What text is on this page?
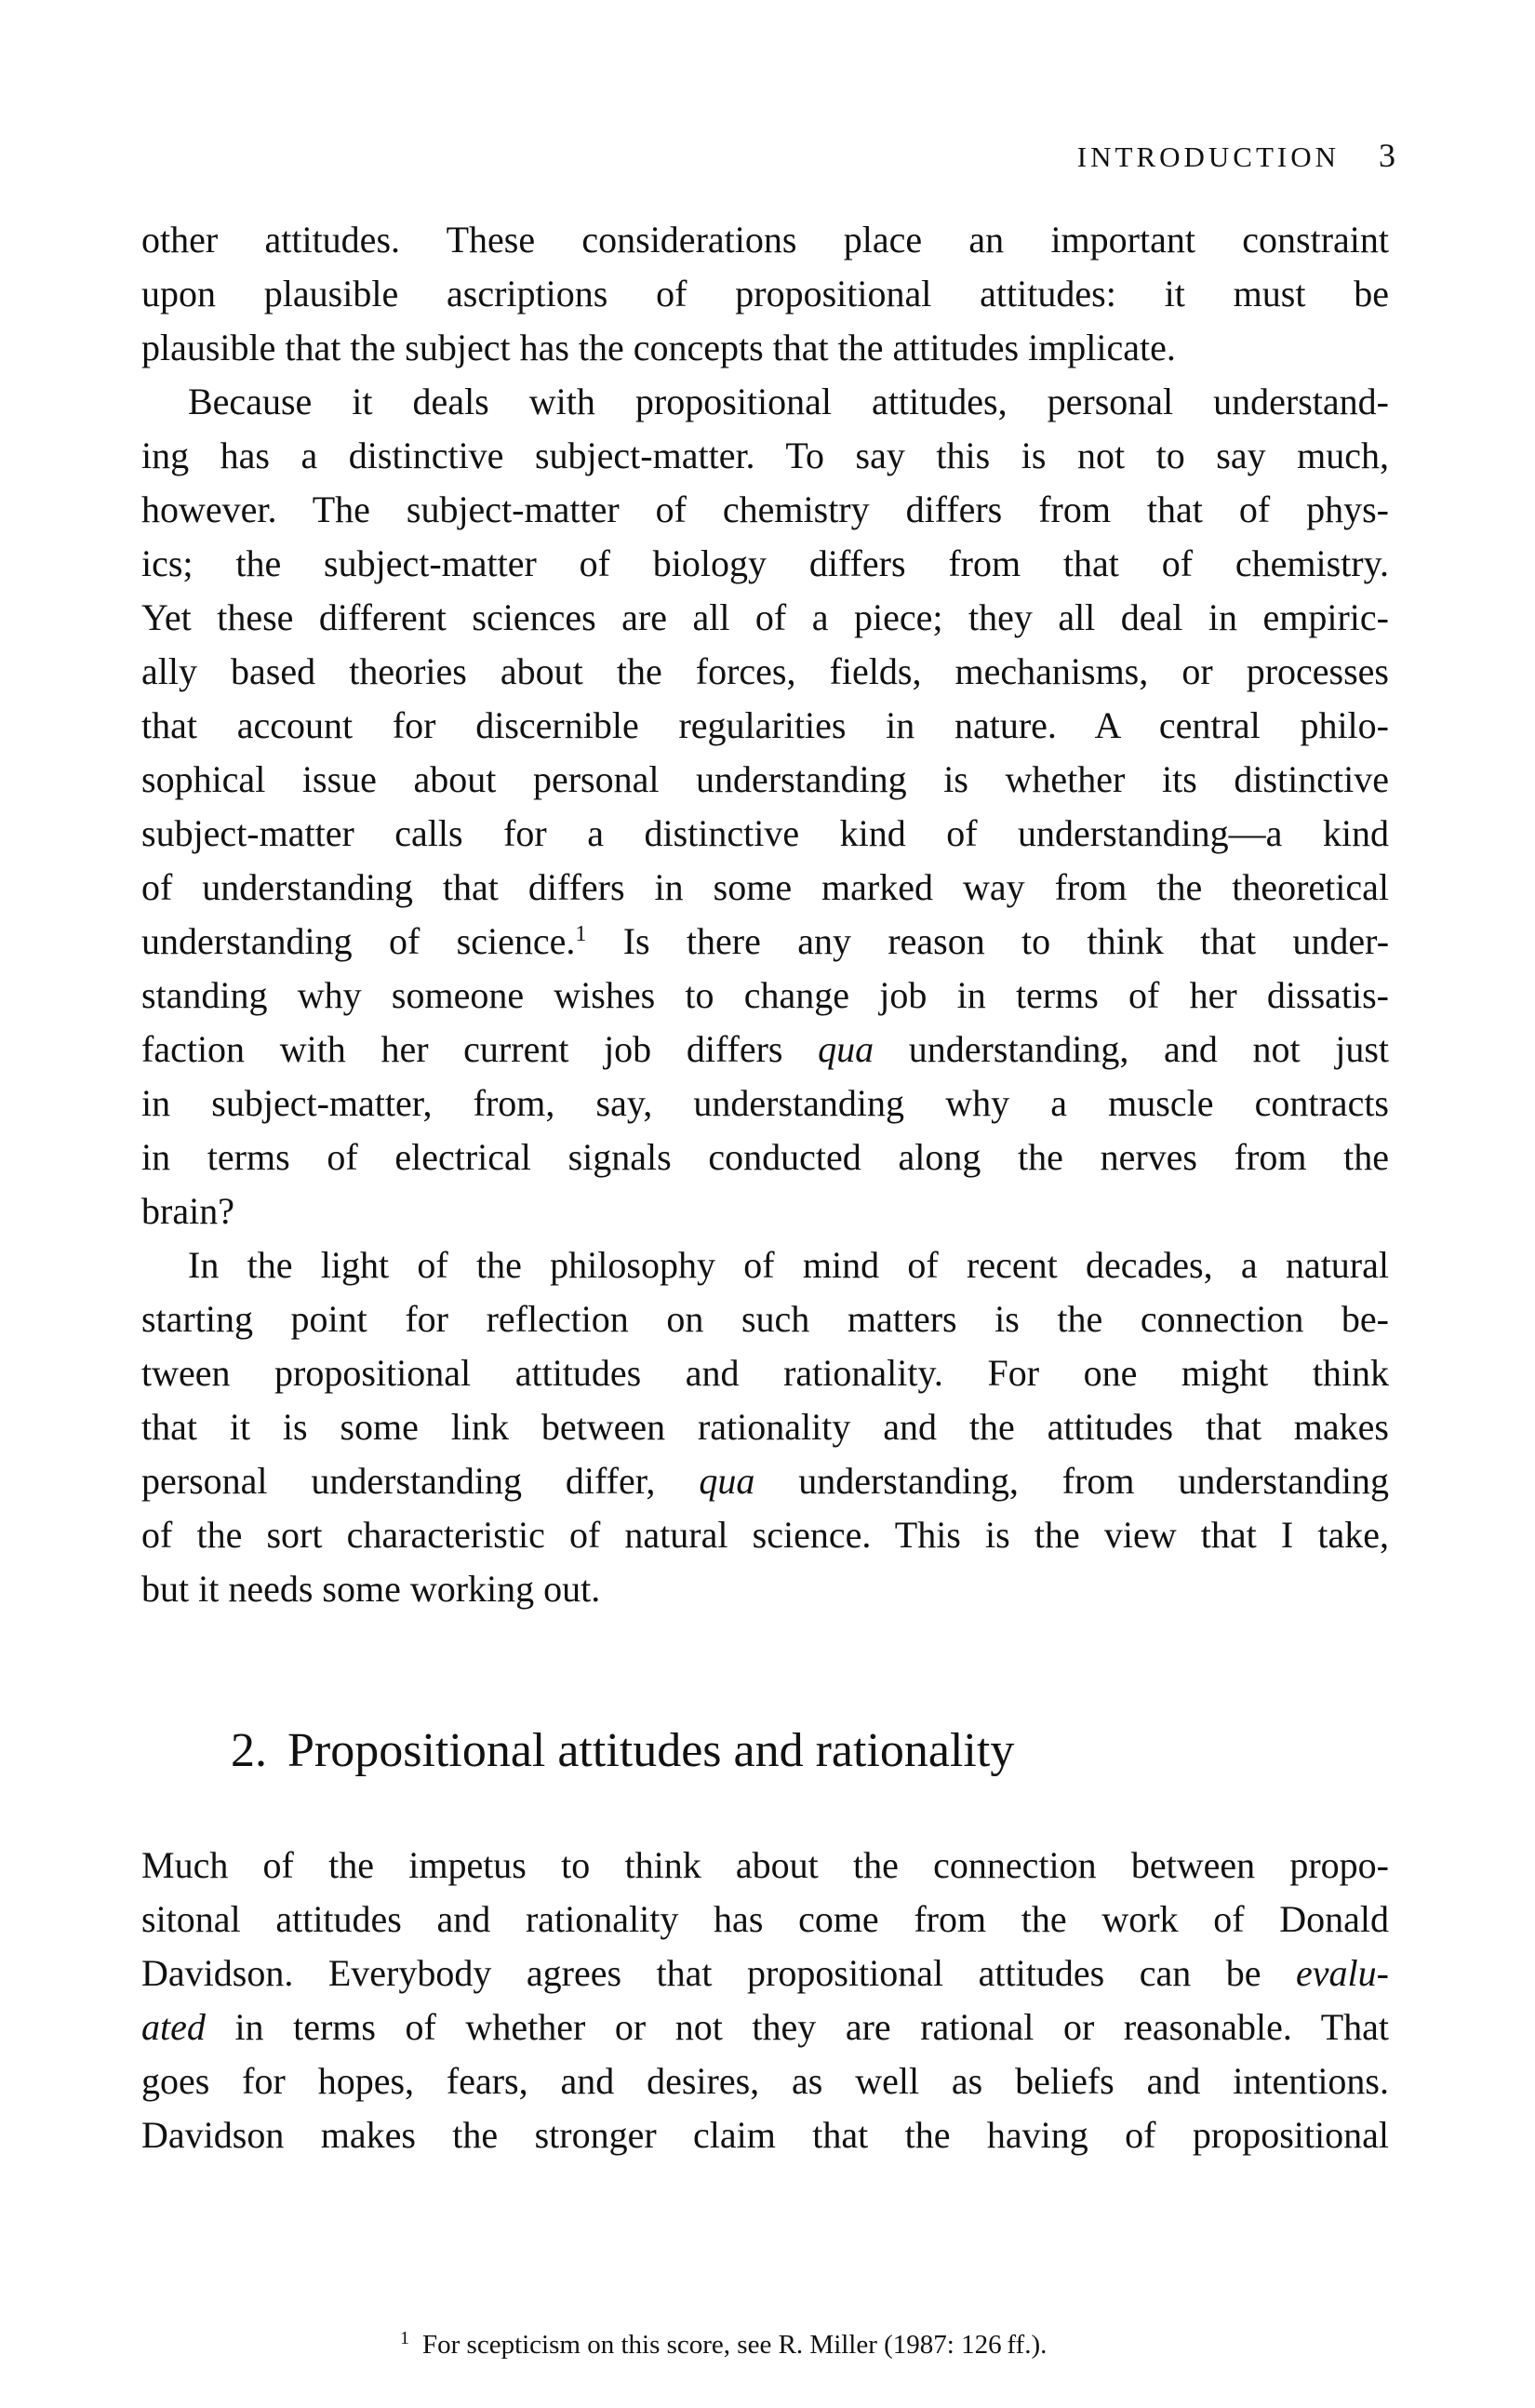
INTRODUCTION 3
other attitudes. These considerations place an important constraint
upon plausible ascriptions of propositional attitudes: it must be
plausible that the subject has the concepts that the attitudes implicate.
Because it deals with propositional attitudes, personal understand-
ing has a distinctive subject-matter. To say this is not to say much,
however. The subject-matter of chemistry differs from that of phys-
ics; the subject-matter of biology differs from that of chemistry.
Yet these different sciences are all of a piece; they all deal in empiric-
ally based theories about the forces, fields, mechanisms, or processes
that account for discernible regularities in nature. A central philo-
sophical issue about personal understanding is whether its distinctive
subject-matter calls for a distinctive kind of understanding—a kind
of understanding that differs in some marked way from the theoretical
understanding of science.$^1$ Is there any reason to think that under-
standing why someone wishes to change job in terms of her dissatis-
faction with her current job differs qua understanding, and not just
in subject-matter, from, say, understanding why a muscle contracts
in terms of electrical signals conducted along the nerves from the
brain?
In the light of the philosophy of mind of recent decades, a natural
starting point for reflection on such matters is the connection be-
tween propositional attitudes and rationality. For one might think
that it is some link between rationality and the attitudes that makes
personal understanding differ, qua understanding, from understanding
of the sort characteristic of natural science. This is the view that I take,
but it needs some working out.
2. Propositional attitudes and rationality
Much of the impetus to think about the connection between propo-
sitonal attitudes and rationality has come from the work of Donald
Davidson. Everybody agrees that propositional attitudes can be evalu-
ated in terms of whether or not they are rational or reasonable. That
goes for hopes, fears, and desires, as well as beliefs and intentions.
Davidson makes the stronger claim that the having of propositional
$^1$ For scepticism on this score, see R. Miller (1987: 126 ff.).
